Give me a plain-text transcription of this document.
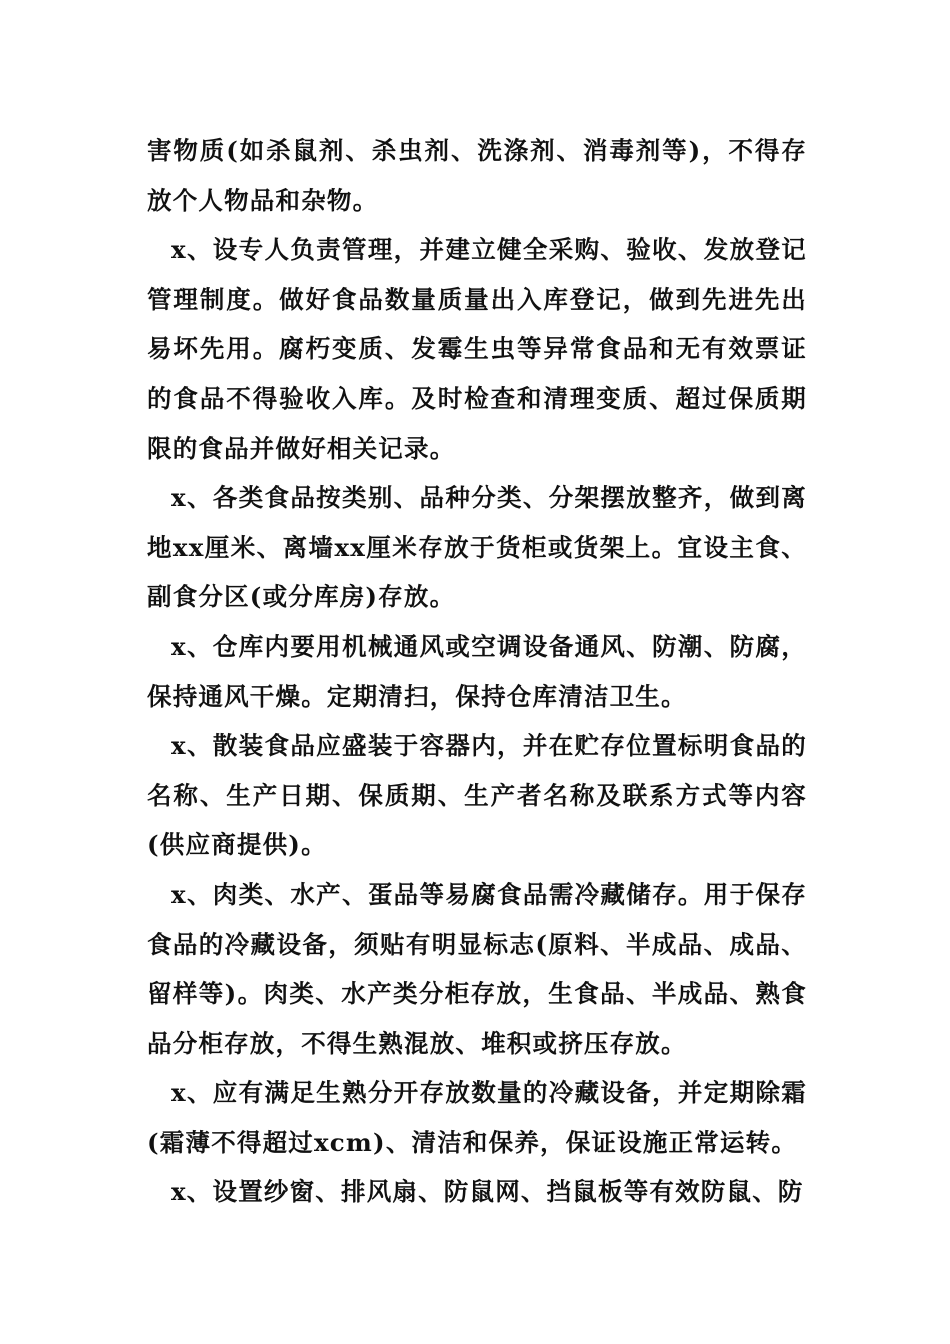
害物质(如杀鼠剂、杀虫剂、洗涤剂、消毒剂等)，不得存放个人物品和杂物。

x、设专人负责管理，并建立健全采购、验收、发放登记管理制度。做好食品数量质量出入库登记，做到先进先出易坏先用。腐朽变质、发霉生虫等异常食品和无有效票证的食品不得验收入库。及时检查和清理变质、超过保质期限的食品并做好相关记录。

x、各类食品按类别、品种分类、分架摆放整齐，做到离地xx厘米、离墙xx厘米存放于货柜或货架上。宜设主食、副食分区(或分库房)存放。

x、仓库内要用机械通风或空调设备通风、防潮、防腐，保持通风干燥。定期清扫，保持仓库清洁卫生。

x、散装食品应盛装于容器内，并在贮存位置标明食品的名称、生产日期、保质期、生产者名称及联系方式等内容(供应商提供)。

x、肉类、水产、蛋品等易腐食品需冷藏储存。用于保存食品的冷藏设备，须贴有明显标志(原料、半成品、成品、留样等)。肉类、水产类分柜存放，生食品、半成品、熟食品分柜存放，不得生熟混放、堆积或挤压存放。

x、应有满足生熟分开存放数量的冷藏设备，并定期除霜(霜薄不得超过xcm)、清洁和保养，保证设施正常运转。

x、设置纱窗、排风扇、防鼠网、挡鼠板等有效防鼠、防
